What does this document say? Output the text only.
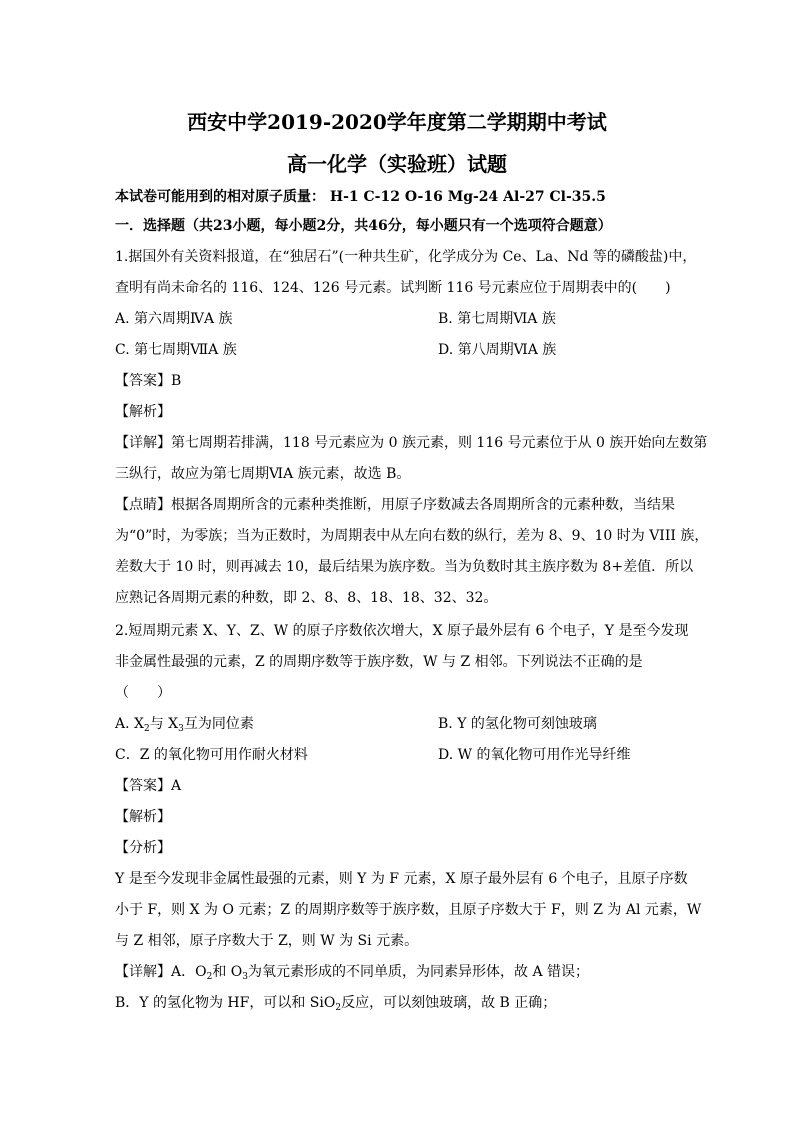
西安中学2019-2020学年度第二学期期中考试
高一化学（实验班）试题
本试卷可能用到的相对原子质量： H-1 C-12 O-16 Mg-24 Al-27 Cl-35.5
一．选择题（共23小题，每小题2分，共46分，每小题只有一个选项符合题意）
1.据国外有关资料报道，在“独居石”(一种共生矿，化学成分为 Ce、La、Nd 等的磷酸盐)中，
查明有尚未命名的 116、124、126 号元素。试判断 116 号元素应位于周期表中的(　　)
A. 第六周期ⅣA 族	B. 第七周期ⅥA 族
C. 第七周期ⅦA 族	D. 第八周期ⅥA 族
【答案】B
【解析】
【详解】第七周期若排满，118 号元素应为 0 族元素，则 116 号元素位于从 0 族开始向左数第
三纵行，故应为第七周期ⅥA 族元素，故选 B。
【点睛】根据各周期所含的元素种类推断，用原子序数减去各周期所含的元素种数，当结果
为“0”时，为零族；当为正数时，为周期表中从左向右数的纵行，差为 8、9、10 时为 VIII 族，
差数大于 10 时，则再减去 10，最后结果为族序数。当为负数时其主族序数为 8+差值．所以
应熟记各周期元素的种数，即 2、8、8、18、18、32、32。
2.短周期元素 X、Y、Z、W 的原子序数依次增大，X 原子最外层有 6 个电子，Y 是至今发现
非金属性最强的元素，Z 的周期序数等于族序数，W 与 Z 相邻。下列说法不正确的是
（　　）
A. $X_2$与 $X_3$互为同位素	B. Y 的氢化物可刻蚀玻璃
C．Z 的氧化物可用作耐火材料	D. W 的氧化物可用作光导纤维
【答案】A
【解析】
【分析】
Y 是至今发现非金属性最强的元素，则 Y 为 F 元素，X 原子最外层有 6 个电子，且原子序数
小于 F，则 X 为 O 元素；Z 的周期序数等于族序数，且原子序数大于 F，则 Z 为 Al 元素，W
与 Z 相邻，原子序数大于 Z，则 W 为 Si 元素。
【详解】A．$O_2$和 $O_3$为氧元素形成的不同单质，为同素异形体，故 A 错误；
B．Y 的氢化物为 HF，可以和 SiO$_2$反应，可以刻蚀玻璃，故 B 正确；
